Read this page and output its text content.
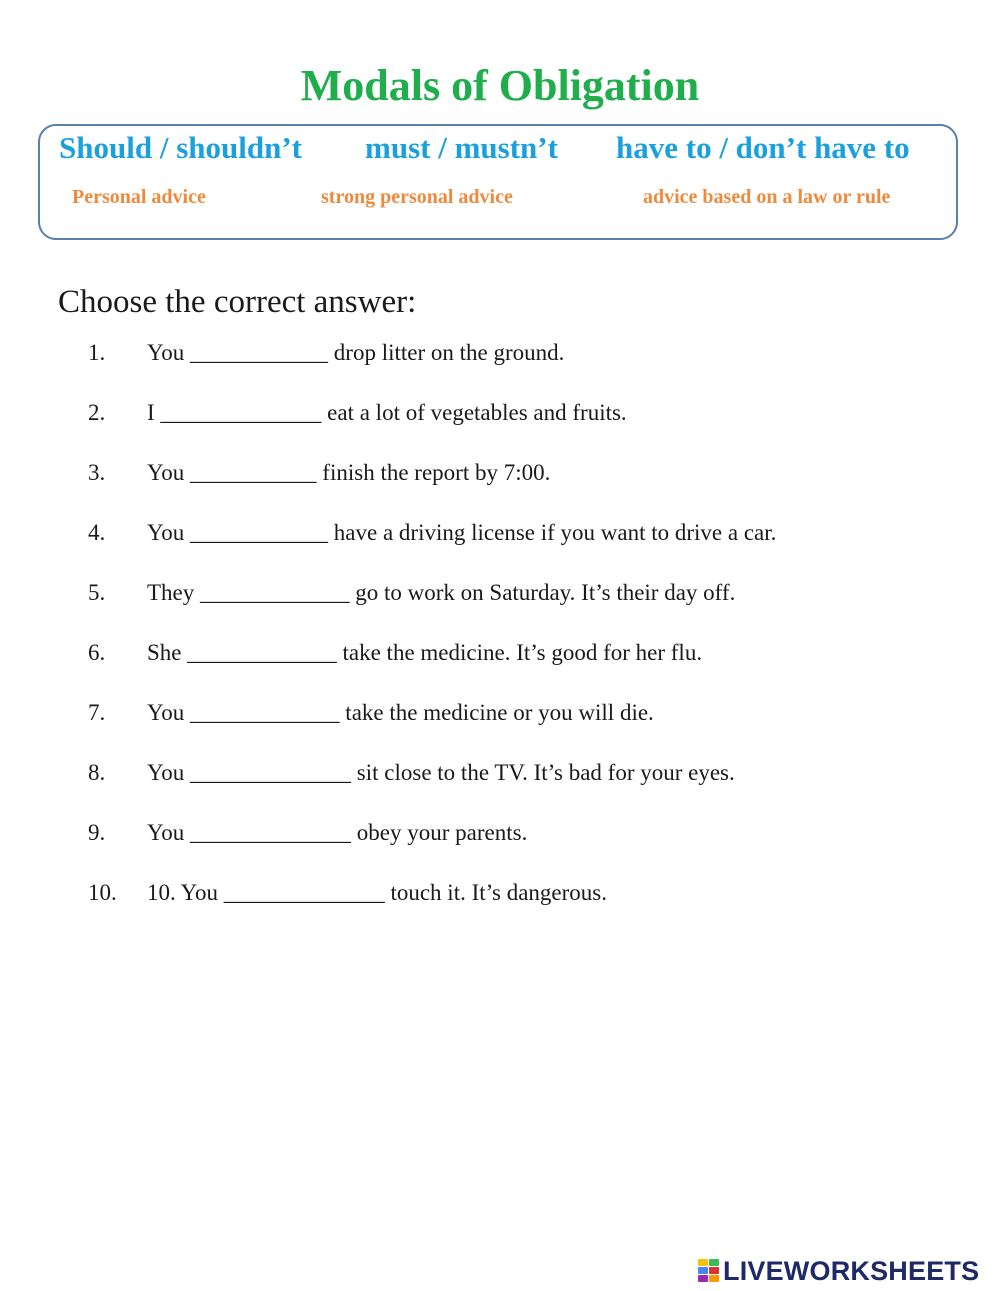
Modals of Obligation
Should / shouldn’t must / mustn’t have to / don’t have to
Personal advice	strong personal advice	advice based on a law or rule
Choose the correct answer:
1. You ____________ drop litter on the ground.
2. I ______________ eat a lot of vegetables and fruits.
3. You ___________ finish the report by 7:00.
4. You ____________ have a driving license if you want to drive a car.
5. They _____________ go to work on Saturday. It’s their day off.
6. She _____________ take the medicine. It’s good for her flu.
7. You _____________ take the medicine or you will die.
8. You ______________ sit close to the TV. It’s bad for your eyes.
9. You ______________ obey your parents.
10. 10. You ______________ touch it. It’s dangerous.
LIVEWORKSHEETS
